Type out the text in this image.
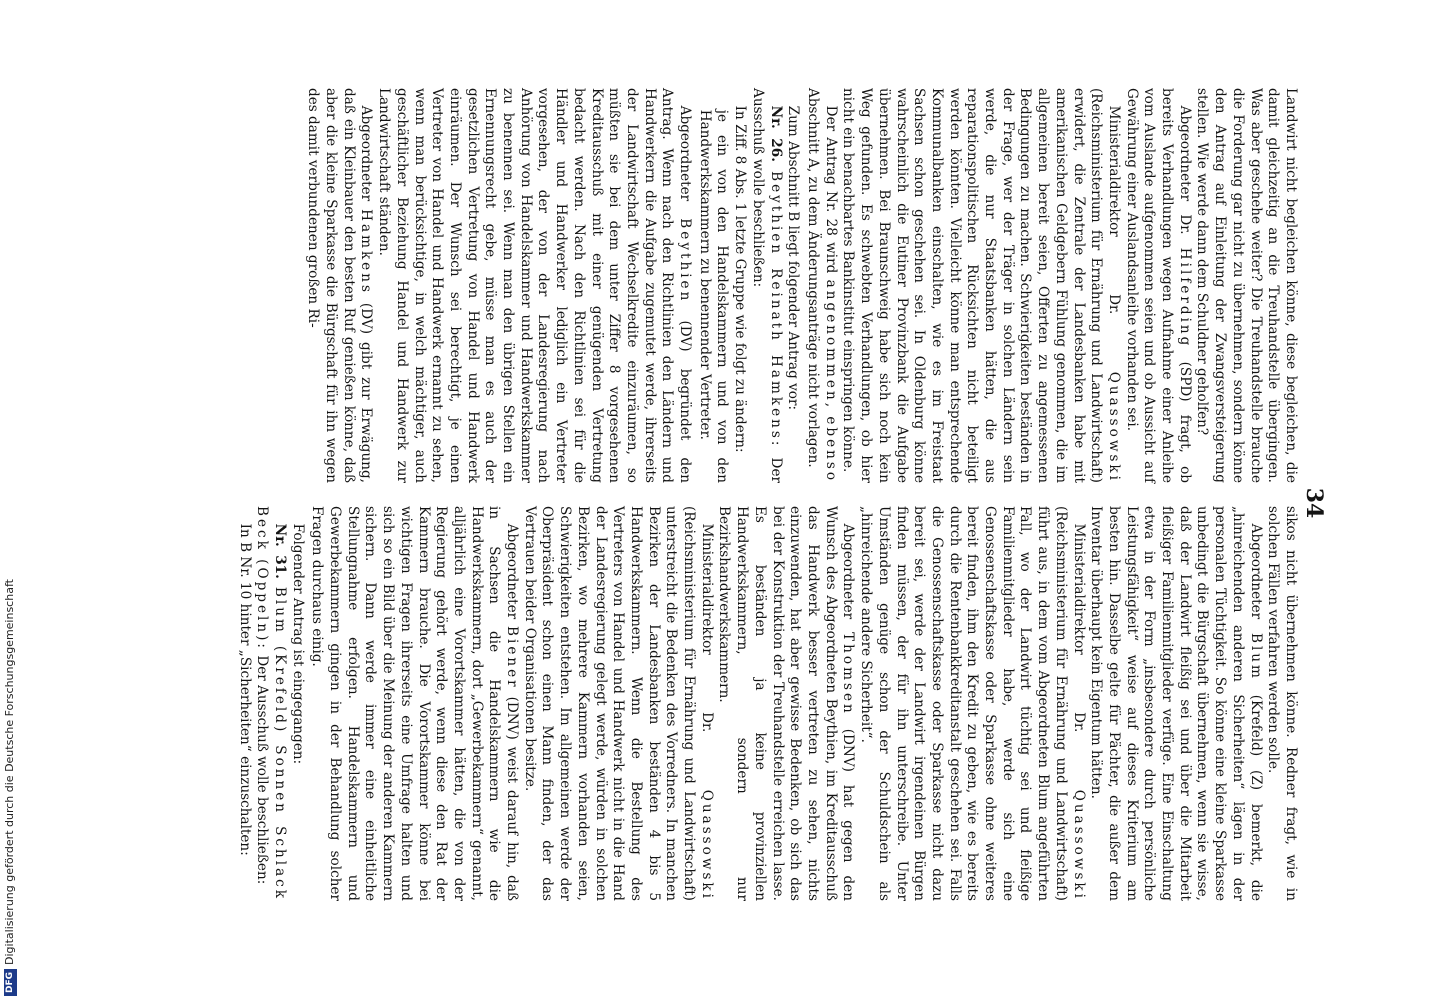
34

Landwirt nicht begleichen könne, diese begleichen, die damit gleichzeitig an die Treuhandstelle übergingen. Was aber geschehe weiter? Die Treuhandstelle brauche die Forderung gar nicht zu übernehmen, sondern könne den Antrag auf Einleitung der Zwangsversteigerung stellen. Wie werde dann dem Schuldner geholfen?

Abgeordneter Dr. Hilferding (SPD) fragt, ob bereits Verhandlungen wegen Aufnahme einer Anleihe vom Auslande aufgenommen seien und ob Aussicht auf Gewährung einer Auslandsanleihe vorhanden sei.

Ministerialdirektor Dr. Quassowski (Reichsministerium für Ernährung und Landwirtschaft) erwidert, die Zentrale der Landesbanken habe mit amerikanischen Geldgebern Fühlung genommen, die im allgemeinen bereit seien, Offerten zu angemessenen Bedingungen zu machen. Schwierigkeiten beständen in der Frage, wer der Träger in solchen Ländern sein werde, die nur Staatsbanken hätten, die aus reparationspolitischen Rücksichten nicht beteiligt werden könnten. Vielleicht könne man entsprechende Kommunalbanken einschalten, wie es im Freistaat Sachsen schon geschehen sei. In Oldenburg könne wahrscheinlich die Eutiner Provinzbank die Aufgabe übernehmen. Bei Braunschweig habe sich noch kein Weg gefunden. Es schwebten Verhandlungen, ob hier nicht ein benachbartes Bankinstitut einspringen könne.

Der Antrag Nr. 28 wird angenommen, ebenso Abschnitt A, zu dem Änderungsanträge nicht vorlagen.

Zum Abschnitt B liegt folgender Antrag vor:

Nr. 26. Beythien Reinath Hamkens: Der Ausschuß wolle beschließen:

In Ziff. 8 Abs. 1 letzte Gruppe wie folgt zu ändern:

je ein von den Handelskammern und von den Handwerkskammern zu benennender Vertreter.

Abgeordneter Beythien (DV) begründet den Antrag. Wenn nach den Richtlinien den Ländern und Handwerkern die Aufgabe zugemutet werde, ihrerseits der Landwirtschaft Wechselkredite einzuräumen, so müßten sie bei dem unter Ziffer 8 vorgesehenen Kreditausschuß mit einer genügenden Vertretung bedacht werden. Nach den Richtlinien sei für die Händler und Handwerker lediglich ein Vertreter vorgesehen, der von der Landesregierung nach Anhörung von Handelskammer und Handwerkskammer zu benennen sei. Wenn man den übrigen Stellen ein Ernennungsrecht gebe, müsse man es auch der gesetzlichen Vertretung von Handel und Handwerk einräumen. Der Wunsch sei berechtigt, je einen Vertreter von Handel und Handwerk ernannt zu sehen, wenn man berücksichtige, in welch mächtiger, auch geschäftlicher Beziehung Handel und Handwerk zur Landwirtschaft ständen.

Abgeordneter Hamkens (DV) gibt zur Erwägung, daß ein Kleinbauer den besten Ruf genießen könne, daß aber die kleine Sparkasse die Bürgschaft für ihn wegen des damit verbundenen großen Ri-

sikos nicht übernehmen könne. Redner fragt, wie in solchen Fällen verfahren werden solle.

Abgeordneter Blum (Krefeld) (Z) bemerkt, die „hinreichenden anderen Sicherheiten“ lägen in der personalen Tüchtigkeit. So könne eine kleine Sparkasse unbedingt die Bürgschaft übernehmen, wenn sie wisse, daß der Landwirt fleißig sei und über die Mitarbeit fleißiger Familienmitglieder verfüge. Eine Einschaltung etwa in der Form „insbesondere durch persönliche Leistungsfähigkeit“ weise auf dieses Kriterium am besten hin. Dasselbe gelte für Pächter, die außer dem Inventar überhaupt kein Eigentum hätten.

Ministerialdirektor Dr. Quassowski (Reichsministerium für Ernährung und Landwirtschaft) führt aus, in dem vom Abgeordneten Blum angeführten Fall, wo der Landwirt tüchtig sei und fleißige Familienmitglieder habe, werde sich eine Genossenschaftskasse oder Sparkasse ohne weiteres bereit finden, ihm den Kredit zu geben, wie es bereits durch die Rentenbankkreditanstalt geschehen sei. Falls die Genossenschaftskasse oder Sparkasse nicht dazu bereit sei, werde der Landwirt irgendeinen Bürgen finden müssen, der für ihn unterschreibe. Unter Umständen genüge schon der Schuldschein als „hinreichende andere Sicherheit“.

Abgeordneter Thomsen (DNV) hat gegen den Wunsch des Abgeordneten Beythien, im Kreditausschuß das Handwerk besser vertreten zu sehen, nichts einzuwenden, hat aber gewisse Bedenken, ob sich das bei der Konstruktion der Treuhandstelle erreichen lasse. Es beständen ja keine provinziellen Handwerkskammern, sondern nur Bezirkshandwerkskammern.

Ministerialdirektor Dr. Quassowski (Reichsministerium für Ernährung und Landwirtschaft) unterstreicht die Bedenken des Vorredners. In manchen Bezirken der Landesbanken beständen 4 bis 5 Handwerkskammern. Wenn die Bestellung des Vertreters von Handel und Handwerk nicht in die Hand der Landesregierung gelegt werde, würden in solchen Bezirken, wo mehrere Kammern vorhanden seien, Schwierigkeiten entstehen. Im allgemeinen werde der Oberpräsident schon einen Mann finden, der das Vertrauen beider Organisationen besitze.

Abgeordneter Biener (DNV) weist darauf hin, daß in Sachsen die Handelskammern wie die Handwerkskammern, dort „Gewerbekammern“ genannt, alljährlich eine Vorortskammer hätten, die von der Regierung gehört werde, wenn diese den Rat der Kammern brauche. Die Vorortskammer könne bei wichtigen Fragen ihrerseits eine Umfrage halten und sich so ein Bild über die Meinung der anderen Kammern sichern. Dann werde immer eine einheitliche Stellungnahme erfolgen. Handelskammern und Gewerbekammern gingen in der Behandlung solcher Fragen durchaus einig.

Folgender Antrag ist eingegangen:

Nr. 31. Blum (Krefeld) Sonnen Schlack Beck (Oppeln): Der Ausschuß wolle beschließen:

In B Nr. 10 hinter „Sicherheiten“ einzuschalten:

DFGDigitalisierung gefördert durch die Deutsche Forschungsgemeinschaft
